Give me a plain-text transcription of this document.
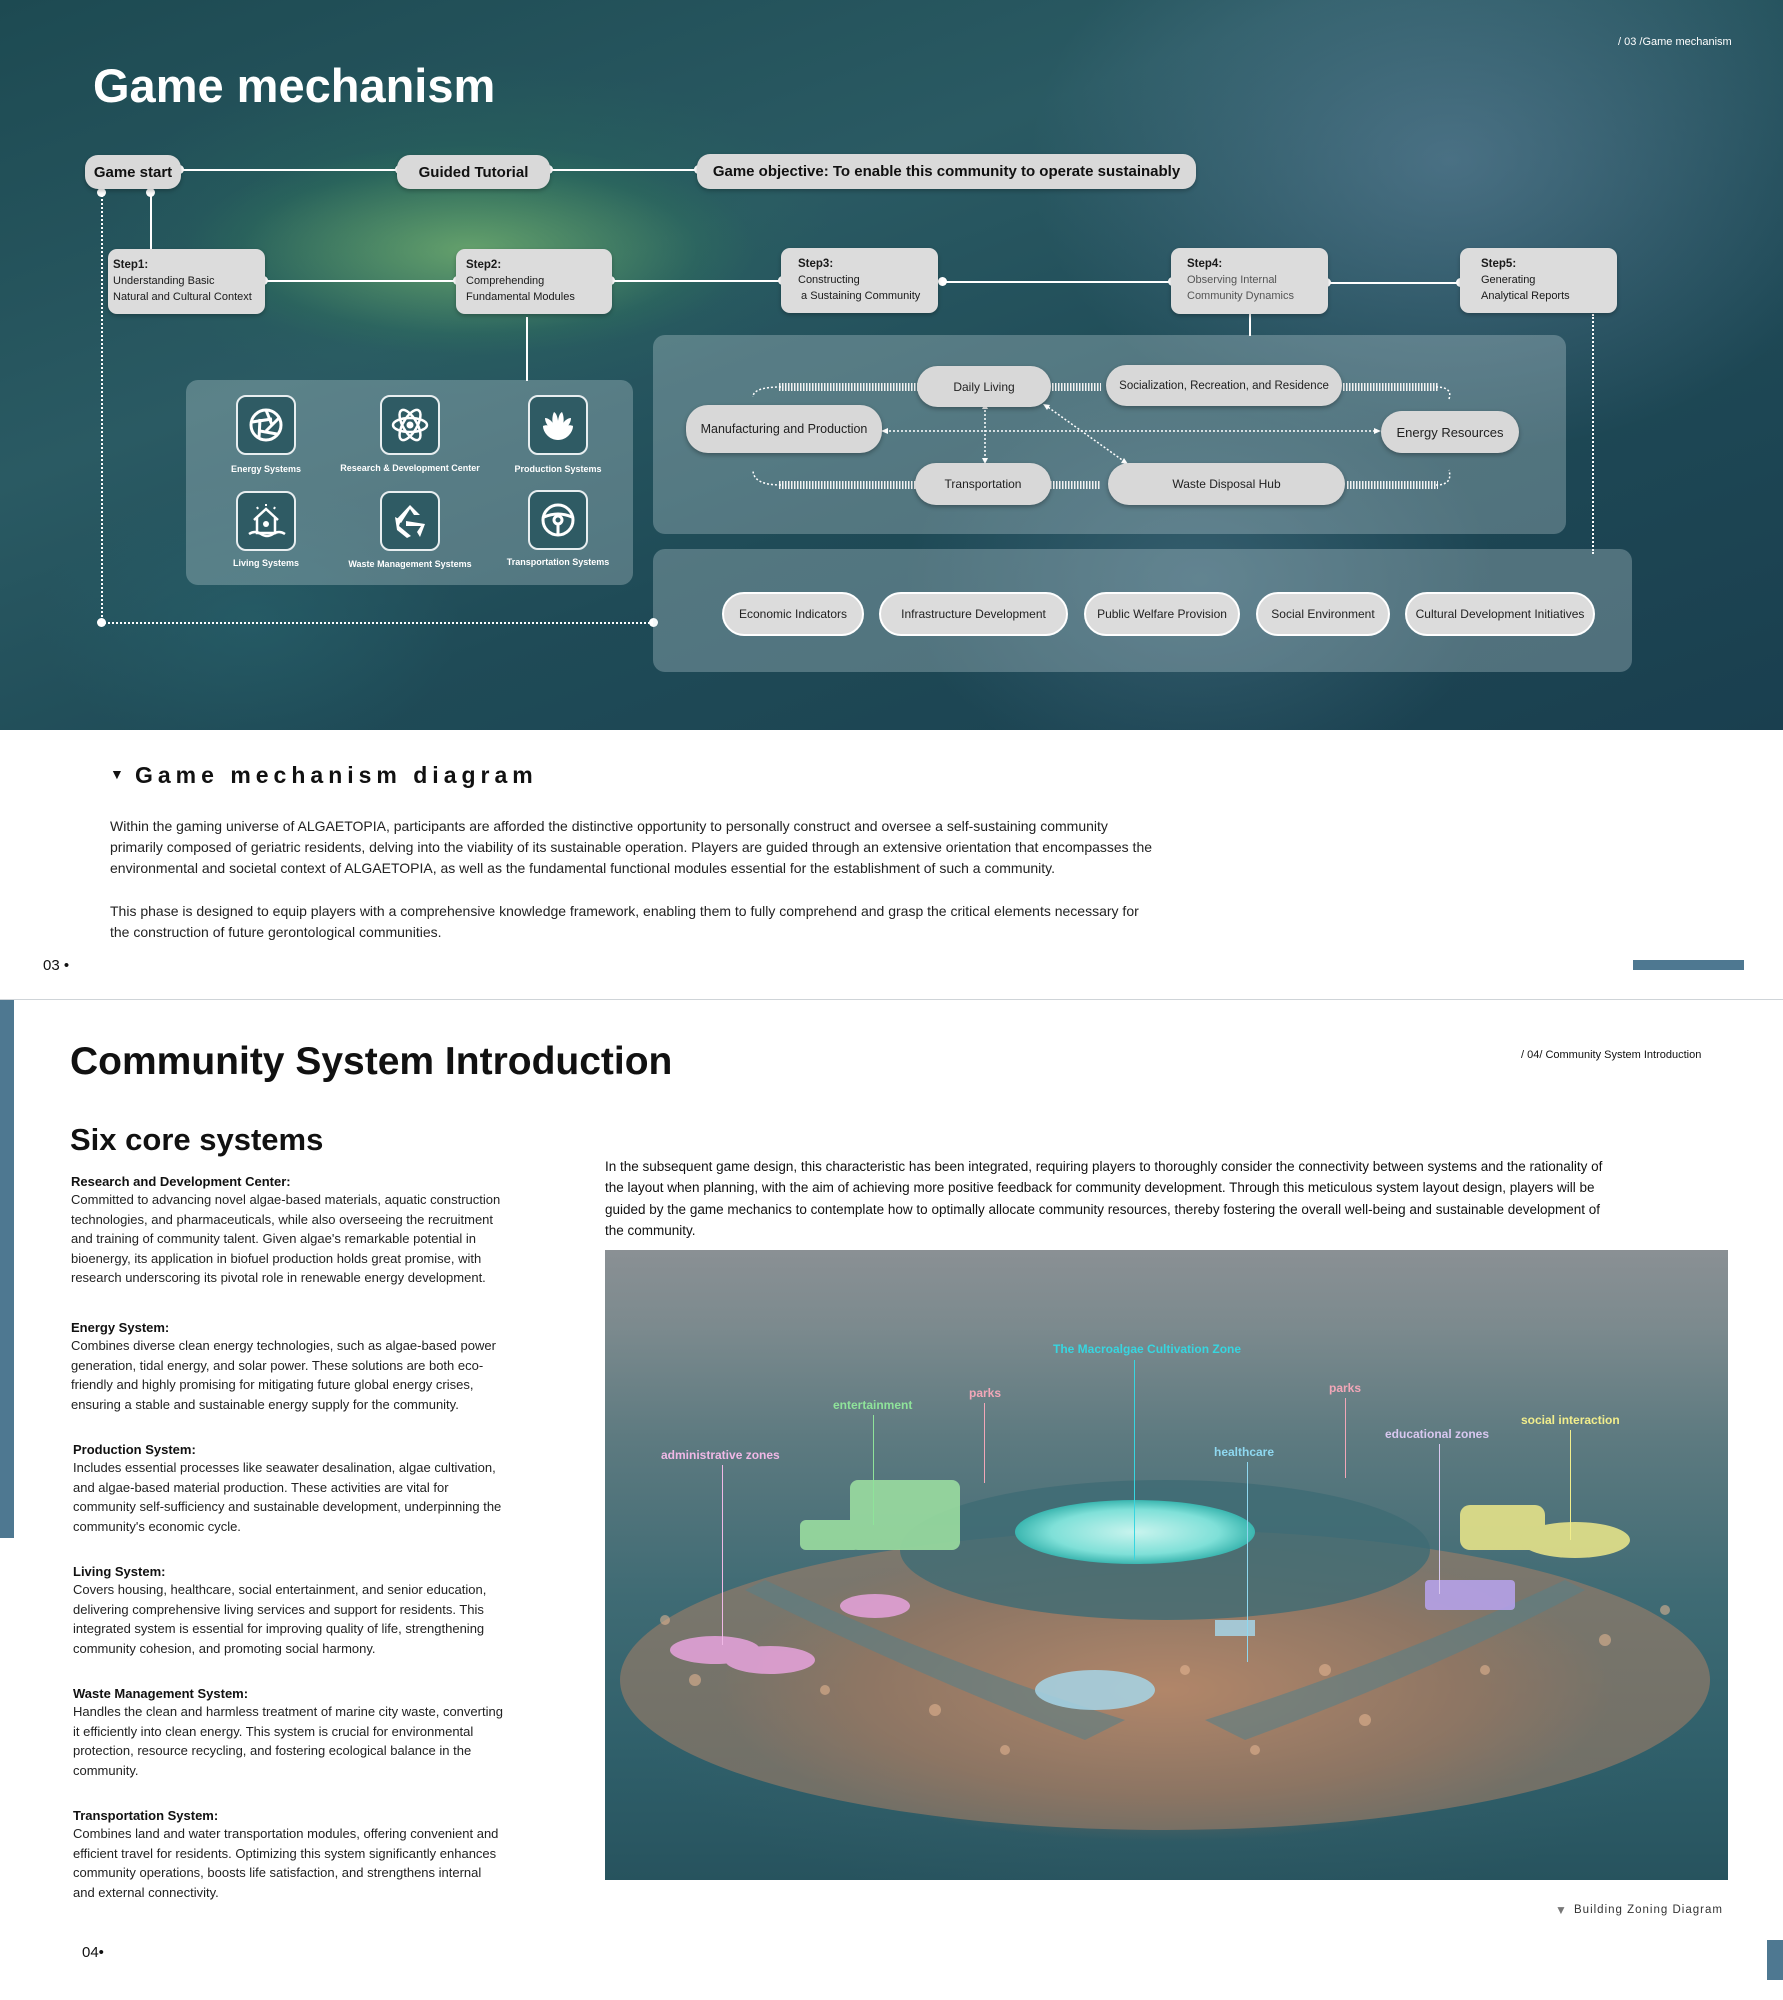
/ 03 /Game mechanism
Game mechanism
Game start	Guided Tutorial	Game objective: To enable this community to operate sustainably
Step1:
Understanding Basic
Natural and Cultural Context
Step2:
Comprehending
Fundamental Modules
Step3:
Constructing
a Sustaining Community
Step4:
Observing Internal
Community Dynamics
Step5:
Generating
Analytical Reports
Energy Systems	Research & Development Center	Production Systems
Living Systems	Waste Management Systems	Transportation Systems
Daily Living	Socialization, Recreation, and Residence
Manufacturing and Production	Energy Resources
Transportation	Waste Disposal Hub
Economic Indicators	Infrastructure Development	Public Welfare Provision	Social Environment	Cultural Development Initiatives
▼ Game mechanism diagram
Within the gaming universe of ALGAETOPIA, participants are afforded the distinctive opportunity to personally construct and oversee a self-sustaining community
primarily composed of geriatric residents, delving into the viability of its sustainable operation. Players are guided through an extensive orientation that encompasses the
environmental and societal context of ALGAETOPIA, as well as the fundamental functional modules essential for the establishment of such a community.
This phase is designed to equip players with a comprehensive knowledge framework, enabling them to fully comprehend and grasp the critical elements necessary for
the construction of future gerontological communities.
03 •
Community System Introduction	/ 04/ Community System Introduction
Six core systems
Research and Development Center:

Committed to advancing novel algae-based materials, aquatic construction

technologies, and pharmaceuticals, while also overseeing the recruitment

and training of community talent. Given algae's remarkable potential in

bioenergy, its application in biofuel production holds great promise, with

research underscoring its pivotal role in renewable energy development.

Energy System:

Combines diverse clean energy technologies, such as algae-based power

generation, tidal energy, and solar power. These solutions are both eco-

friendly and highly promising for mitigating future global energy crises,

ensuring a stable and sustainable energy supply for the community.

Production System:

Includes essential processes like seawater desalination, algae cultivation,

and algae-based material production. These activities are vital for

community self-sufficiency and sustainable development, underpinning the

community's economic cycle.

Living System:

Covers housing, healthcare, social entertainment, and senior education,

delivering comprehensive living services and support for residents. This

integrated system is essential for improving quality of life, strengthening

community cohesion, and promoting social harmony.

Waste Management System:

Handles the clean and harmless treatment of marine city waste, converting

it efficiently into clean energy. This system is crucial for environmental

protection, resource recycling, and fostering ecological balance in the

community.

Transportation System:

Combines land and water transportation modules, offering convenient and

efficient travel for residents. Optimizing this system significantly enhances

community operations, boosts life satisfaction, and strengthens internal

and external connectivity.

In the subsequent game design, this characteristic has been integrated, requiring players to thoroughly consider the connectivity between systems and the rationality of
the layout when planning, with the aim of achieving more positive feedback for community development. Through this meticulous system layout design, players will be
guided by the game mechanics to contemplate how to optimally allocate community resources, thereby fostering the overall well-being and sustainable development of
the community.
The Macroalgae Cultivation Zone
entertainment
parks	parks
educational zones
social interaction
administrative zones	healthcare
▼ Building Zoning Diagram
04•
